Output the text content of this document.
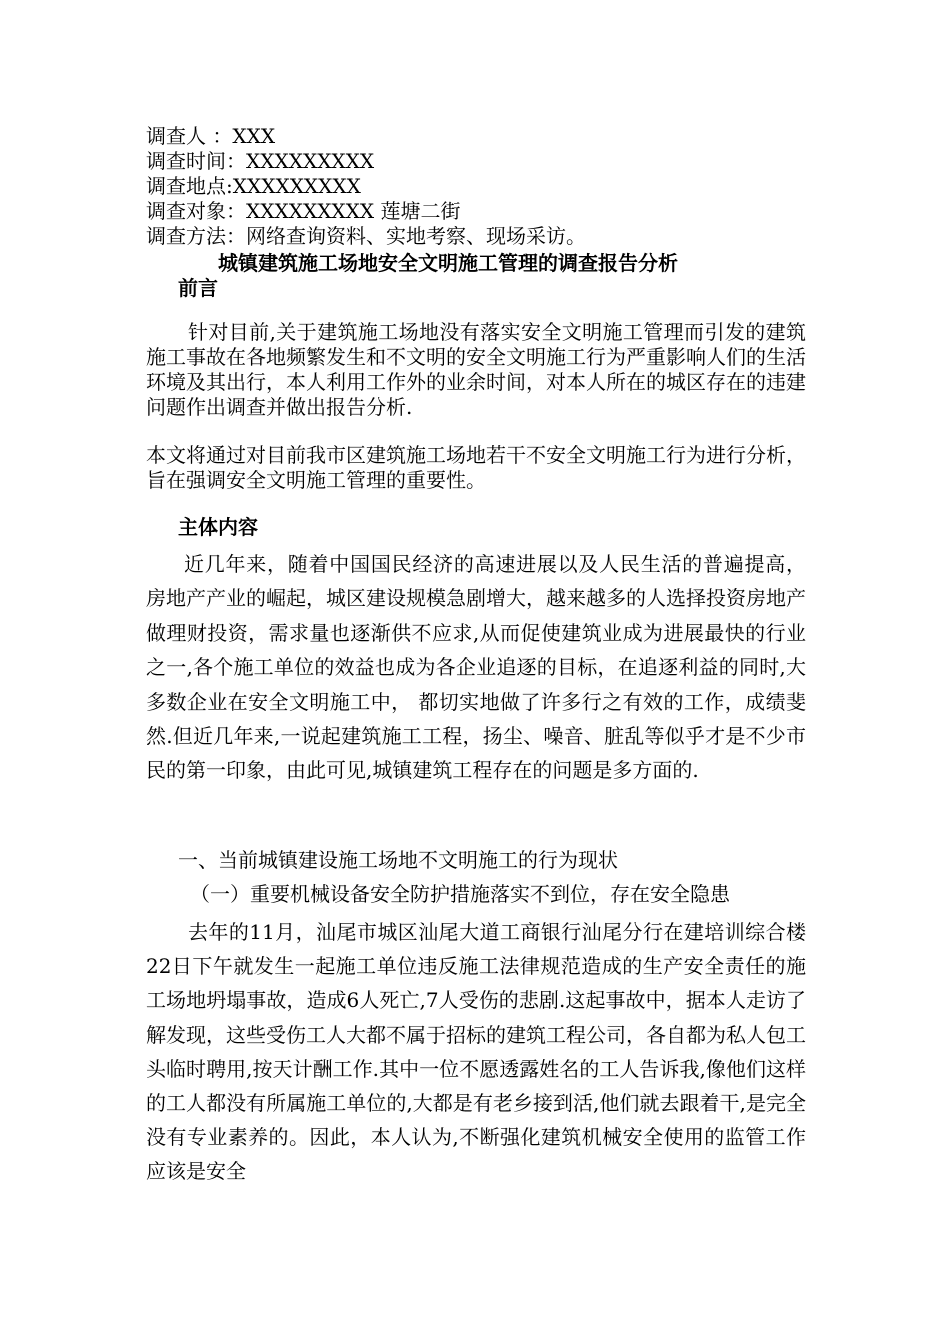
调查人 ：XXX
调查时间：XXXXXXXXX
调查地点:XXXXXXXXX
调查对象：XXXXXXXXX 莲塘二街
调查方法：网络查询资料、实地考察、现场采访。
城镇建筑施工场地安全文明施工管理的调查报告分析
前言

针对目前,关于建筑施工场地没有落实安全文明施工管理而引发的建筑施工事故在各地频繁发生和不文明的安全文明施工行为严重影响人们的生活环境及其出行，本人利用工作外的业余时间，对本人所在的城区存在的违建问题作出调查并做出报告分析.

本文将通过对目前我市区建筑施工场地若干不安全文明施工行为进行分析，旨在强调安全文明施工管理的重要性。

主体内容

近几年来，随着中国国民经济的高速进展以及人民生活的普遍提高， 房地产产业的崛起，城区建设规模急剧增大，越来越多的人选择投资房地产做理财投资，需求量也逐渐供不应求,从而促使建筑业成为进展最快的行业之一,各个施工单位的效益也成为各企业追逐的目标，在追逐利益的同时,大多数企业在安全文明施工中， 都切实地做了许多行之有效的工作，成绩斐然.但近几年来,一说起建筑施工工程，扬尘、噪音、脏乱等似乎才是不少市民的第一印象，由此可见,城镇建筑工程存在的问题是多方面的.

一、当前城镇建设施工场地不文明施工的行为现状
（一）重要机械设备安全防护措施落实不到位，存在安全隐患

去年的11月，汕尾市城区汕尾大道工商银行汕尾分行在建培训综合楼22日下午就发生一起施工单位违反施工法律规范造成的生产安全责任的施工场地坍塌事故，造成6人死亡,7人受伤的悲剧.这起事故中，据本人走访了解发现，这些受伤工人大都不属于招标的建筑工程公司，各自都为私人包工头临时聘用,按天计酬工作.其中一位不愿透露姓名的工人告诉我,像他们这样的工人都没有所属施工单位的,大都是有老乡接到活,他们就去跟着干,是完全没有专业素养的。因此，本人认为,不断强化建筑机械安全使用的监管工作应该是安全
